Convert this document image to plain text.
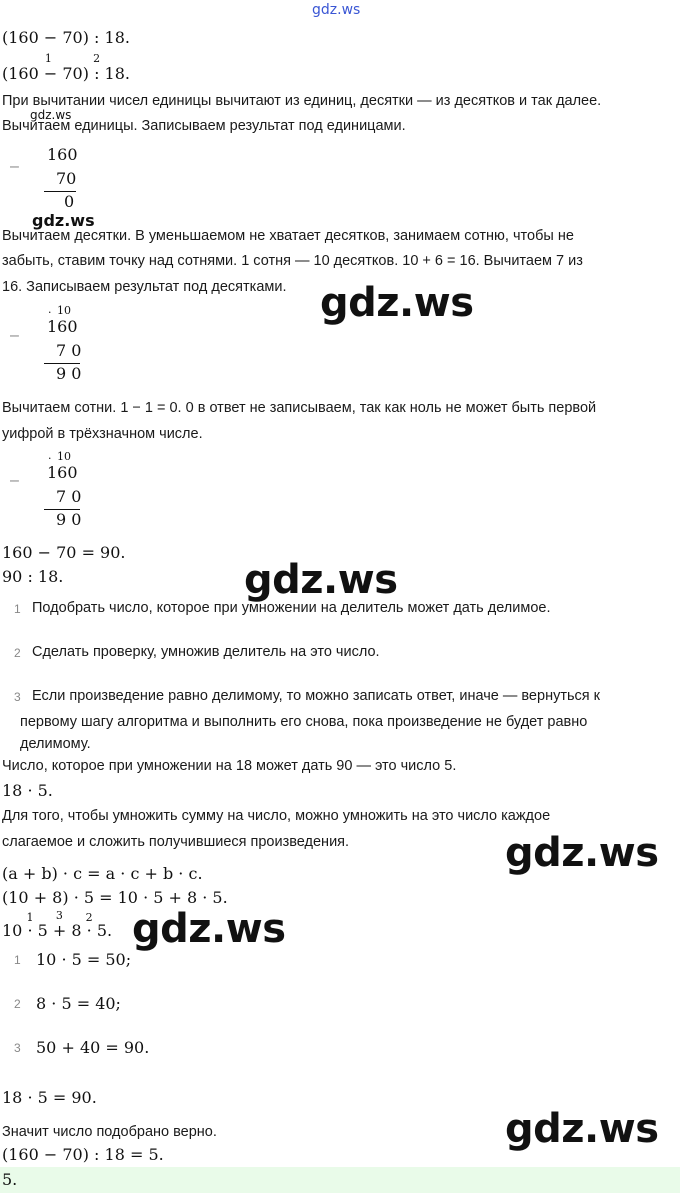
gdz.ws
(160 − 70) : 18.
(160
1
− 70)
2
: 18.
При вычитании чисел единицы вычитают из единиц, десятки — из десятков и так далее.
gdz.ws
Вычитаем единицы. Записываем результат под единицами.
–
160
70
0
gdz.ws
Вычитаем десятки. В уменьшаемом не хватает десятков, занимаем сотню, чтобы не
забыть, ставим точку над сотнями. 1 сотня — 10 десятков. 10 + 6 = 16. Вычитаем 7 из
16. Записываем результат под десятками. gdz.ws
–
· 10
160
7 0
9 0
Вычитаем сотни. 1 − 1 = 0. 0 в ответ не записываем, так как ноль не может быть первой
уифрой в трёхзначном числе.
–
· 10
160
7 0
9 0
160 − 70 = 90.
90 : 18.	gdz.ws
1 Подобрать число, которое при умножении на делитель может дать делимое.
2 Сделать проверку, умножив делитель на это число.
3 Если произведение равно делимому, то можно записать ответ, иначе — вернуться к
первому шагу алгоритма и выполнить его снова, пока произведение не будет равно
делимому.
Число, которое при умножении на 18 может дать 90 — это число 5.
18 · 5.
Для того, чтобы умножить сумму на число, можно умножить на это число каждое
слагаемое и сложить получившиеся произведения.	gdz.ws
(a + b) · c = a · c + b · c.
(10 + 8) · 5 = 10 · 5 + 8 · 5.
10
1
· 5
3
+ 8
2
· 5. gdz.ws
1 10 · 5 = 50;
2 8 · 5 = 40;
3 50 + 40 = 90.
18 · 5 = 90.
gdz.ws
Значит число подобрано верно.
(160 − 70) : 18 = 5.
5.
